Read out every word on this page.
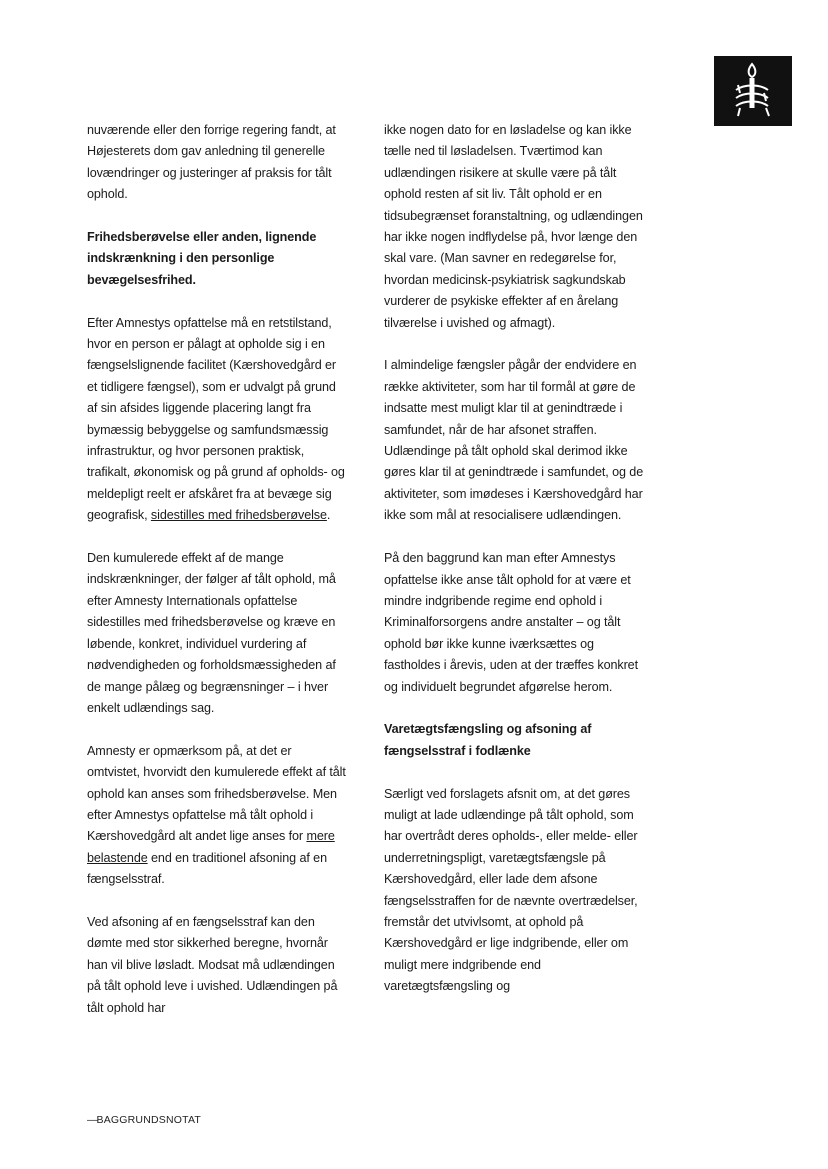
nuværende eller den forrige regering fandt, at Højesterets dom gav anledning til generelle lovændringer og justeringer af praksis for tålt ophold.

Frihedsberøvelse eller anden, lignende indskrænkning i den personlige bevægelsesfrihed.

Efter Amnestys opfattelse må en retstilstand, hvor en person er pålagt at opholde sig i en fængselslignende facilitet (Kærshovedgård er et tidligere fængsel), som er udvalgt på grund af sin afsides liggende placering langt fra bymæssig bebyggelse og samfundsmæssig infrastruktur, og hvor personen praktisk, trafikalt, økonomisk og på grund af opholds- og meldepligt reelt er afskåret fra at bevæge sig geografisk, sidestilles med frihedsberøvelse.

Den kumulerede effekt af de mange indskrænkninger, der følger af tålt ophold, må efter Amnesty Internationals opfattelse sidestilles med frihedsberøvelse og kræve en løbende, konkret, individuel vurdering af nødvendigheden og forholdsmæssigheden af de mange pålæg og begrænsninger – i hver enkelt udlændings sag.

Amnesty er opmærksom på, at det er omtvistet, hvorvidt den kumulerede effekt af tålt ophold kan anses som frihedsberøvelse. Men efter Amnestys opfattelse må tålt ophold i Kærshovedgård alt andet lige anses for mere belastende end en traditionel afsoning af en fængselsstraf.

Ved afsoning af en fængselsstraf kan den dømte med stor sikkerhed beregne, hvornår han vil blive løsladt. Modsat må udlændingen på tålt ophold leve i uvished. Udlændingen på tålt ophold har

ikke nogen dato for en løsladelse og kan ikke tælle ned til løsladelsen. Tværtimod kan udlændingen risikere at skulle være på tålt ophold resten af sit liv. Tålt ophold er en tidsubegrænset foranstaltning, og udlændingen har ikke nogen indflydelse på, hvor længe den skal vare. (Man savner en redegørelse for, hvordan medicinsk-psykiatrisk sagkundskab vurderer de psykiske effekter af en årelang tilværelse i uvished og afmagt).

I almindelige fængsler pågår der endvidere en række aktiviteter, som har til formål at gøre de indsatte mest muligt klar til at genindtræde i samfundet, når de har afsonet straffen. Udlændinge på tålt ophold skal derimod ikke gøres klar til at genindtræde i samfundet, og de aktiviteter, som imødeses i Kærshovedgård har ikke som mål at resocialisere udlændingen.

På den baggrund kan man efter Amnestys opfattelse ikke anse tålt ophold for at være et mindre indgribende regime end ophold i Kriminalforsorgens andre anstalter – og tålt ophold bør ikke kunne iværksættes og fastholdes i årevis, uden at der træffes konkret og individuelt begrundet afgørelse herom.

Varetægtsfængsling og afsoning af fængselsstraf i fodlænke

Særligt ved forslagets afsnit om, at det gøres muligt at lade udlændinge på tålt ophold, som har overtrådt deres opholds-, eller melde- eller underretningspligt, varetægtsfængsle på Kærshovedgård, eller lade dem afsone fængselsstraffen for de nævnte overtrædelser, fremstår det utvivlsomt, at ophold på Kærshovedgård er lige indgribende, eller om muligt mere indgribende end varetægtsfængsling og

—BAGGRUNDSNOTAT
